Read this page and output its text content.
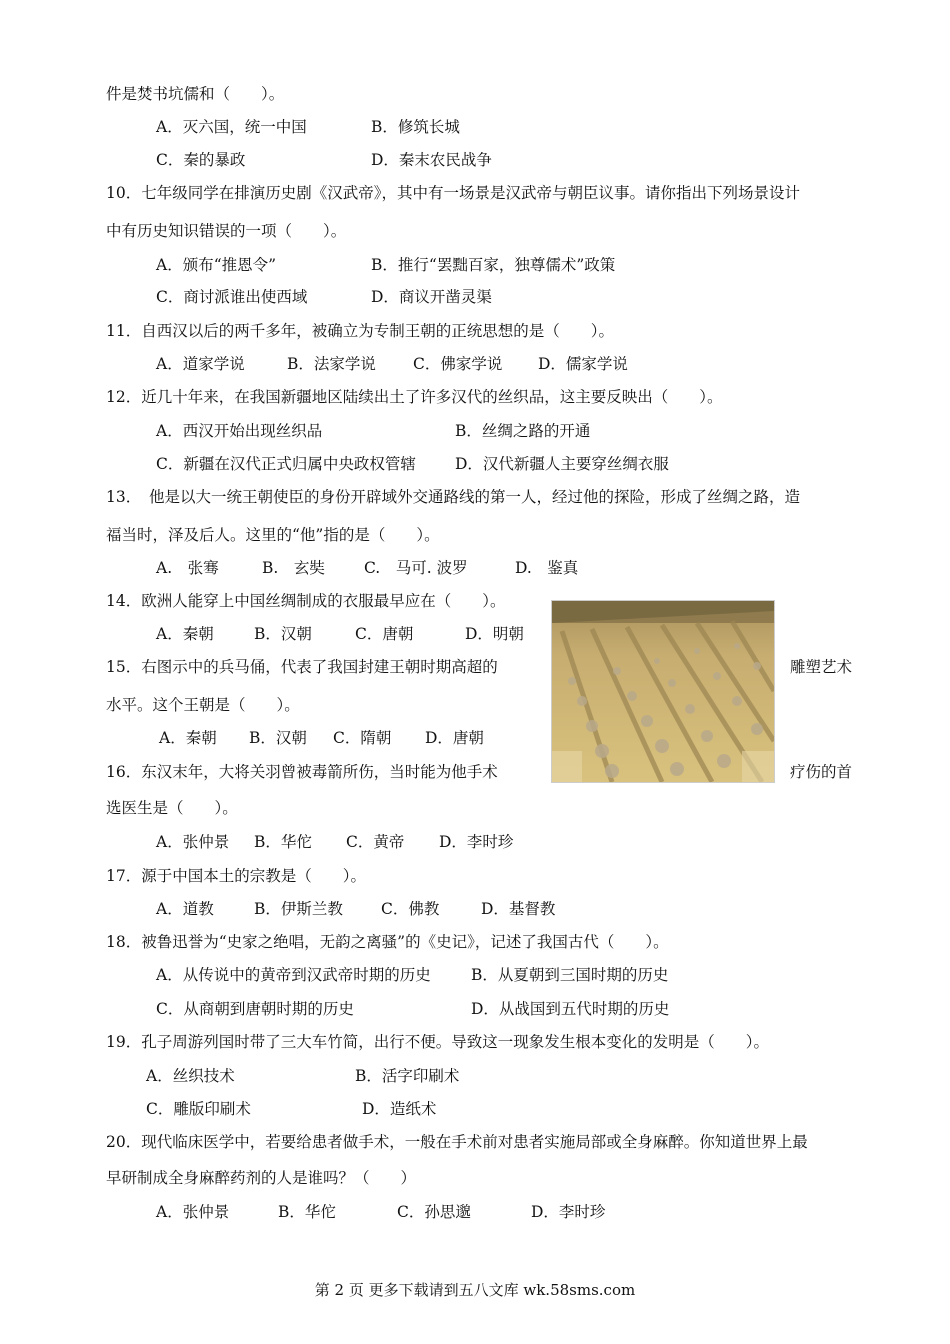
件是焚书坑儒和（　　）。
A．灭六国，统一中国	B．修筑长城
C．秦的暴政	D．秦末农民战争
10．七年级同学在排演历史剧《汉武帝》，其中有一场景是汉武帝与朝臣议事。请你指出下列场景设计
中有历史知识错误的一项（　　）。
A．颁布“推恩令”	B．推行“罢黜百家，独尊儒术”政策
C．商讨派谁出使西域	D．商议开凿灵渠
11．自西汉以后的两千多年，被确立为专制王朝的正统思想的是（　　）。
A．道家学说	B．法家学说 C．佛家学说 D．儒家学说
12．近几十年来，在我国新疆地区陆续出土了许多汉代的丝织品，这主要反映出（　　）。
A．西汉开始出现丝织品	B．丝绸之路的开通
C．新疆在汉代正式归属中央政权管辖	D．汉代新疆人主要穿丝绸衣服
13．　他是以大一统王朝使臣的身份开辟域外交通路线的第一人，经过他的探险，形成了丝绸之路，造
福当时，泽及后人。这里的“他”指的是（　　）。
A.　张骞	B.　玄奘	C.　马可. 波罗	D.　鉴真
14．欧洲人能穿上中国丝绸制成的衣服最早应在（　　）。
A．秦朝	B．汉朝	C．唐朝	D．明朝
15．右图示中的兵马俑，代表了我国封建王朝时期高超的	雕塑艺术
水平。这个王朝是（　　）。
A．秦朝 B．汉朝 C．隋朝 D．唐朝
16．东汉末年，大将关羽曾被毒箭所伤，当时能为他手术	疗伤的首
选医生是（　　）。
A．张仲景 B．华佗 C．黄帝 D．李时珍
17．源于中国本土的宗教是（　　）。
A．道教	B．伊斯兰教 C．佛教	D．基督教
18．被鲁迅誉为“史家之绝唱，无韵之离骚”的《史记》，记述了我国古代（　　）。
A．从传说中的黄帝到汉武帝时期的历史	B．从夏朝到三国时期的历史
C．从商朝到唐朝时期的历史	D．从战国到五代时期的历史
19．孔子周游列国时带了三大车竹简，出行不便。导致这一现象发生根本变化的发明是（　　）。
A．丝织技术	B．活字印刷术
C．雕版印刷术	D．造纸术
20．现代临床医学中，若要给患者做手术，一般在手术前对患者实施局部或全身麻醉。你知道世界上最
早研制成全身麻醉药剂的人是谁吗？（　　）
A．张仲景	B．华佗	C．孙思邈	D．李时珍
第 2 页 更多下载请到五八文库 wk.58sms.com
